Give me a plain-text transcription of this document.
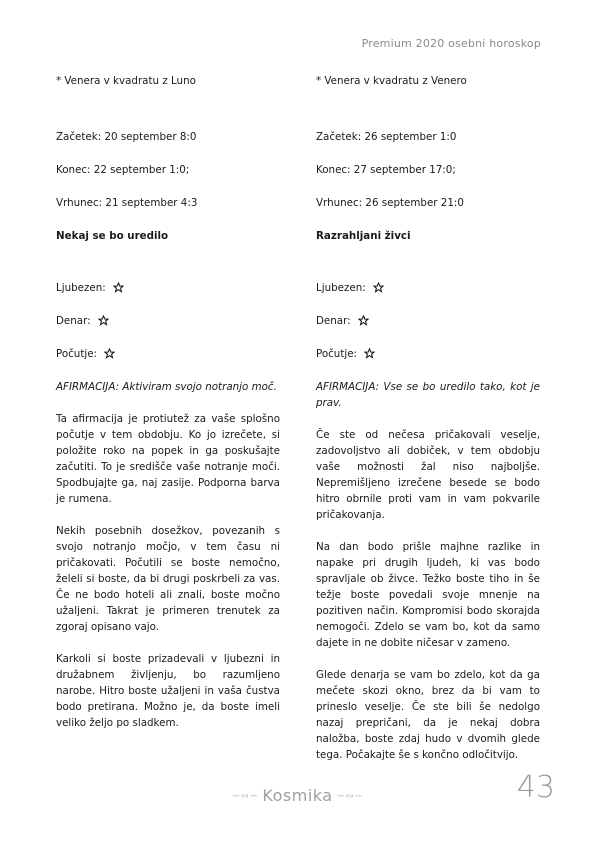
Premium 2020 osebni horoskop
* Venera v kvadratu z Luno
Začetek: 20 september 8:0
Konec: 22 september 1:0;
Vrhunec: 21 september 4:3
Nekaj se bo uredilo
Ljubezen:
Denar:
Počutje:
AFIRMACIJA: Aktiviram svojo notranjo moč.

Ta afirmacija je protiutež za vaše splošno počutje v tem obdobju. Ko jo izrečete, si položite roko na popek in ga poskušajte začutiti. To je središče vaše notranje moči. Spodbujajte ga, naj zasije. Podporna barva je rumena.

Nekih posebnih dosežkov, povezanih s svojo notranjo močjo, v tem času ni pričakovati. Počutili se boste nemočno, želeli si boste, da bi drugi poskrbeli za vas. Če ne bodo hoteli ali znali, boste močno užaljeni. Takrat je primeren trenutek za zgoraj opisano vajo.

Karkoli si boste prizadevali v ljubezni in družabnem življenju, bo razumljeno narobe. Hitro boste užaljeni in vaša čustva bodo pretirana. Možno je, da boste imeli veliko željo po sladkem.

* Venera v kvadratu z Venero
Začetek: 26 september 1:0
Konec: 27 september 17:0;
Vrhunec: 26 september 21:0
Razrahljani živci
Ljubezen:
Denar:
Počutje:
AFIRMACIJA: Vse se bo uredilo tako, kot je prav.

Če ste od nečesa pričakovali veselje, zadovoljstvo ali dobiček, v tem obdobju vaše možnosti žal niso najboljše. Nepremišljeno izrečene besede se bodo hitro obrnile proti vam in vam pokvarile pričakovanja.

Na dan bodo prišle majhne razlike in napake pri drugih ljudeh, ki vas bodo spravljale ob živce. Težko boste tiho in še težje boste povedali svoje mnenje na pozitiven način. Kompromisi bodo skorajda nemogoči. Zdelo se vam bo, kot da samo dajete in ne dobite ničesar v zameno.

Glede denarja se vam bo zdelo, kot da ga mečete skozi okno, brez da bi vam to prineslo veselje. Če ste bili še nedolgo nazaj prepričani, da je nekaj dobra naložba, boste zdaj hudo v dvomih glede tega. Počakajte še s končno odločitvijo.

∽∾∽ Kosmika ∽∾∽	43
